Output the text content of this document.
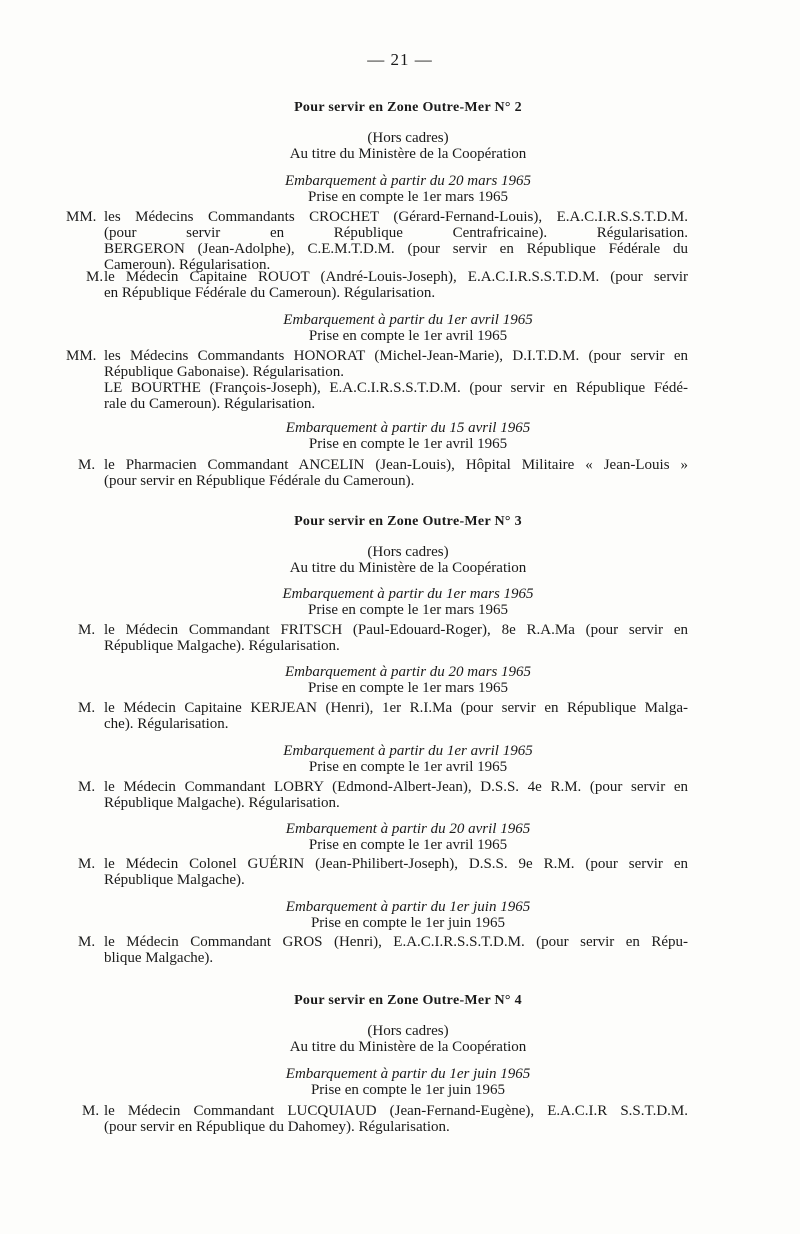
— 21 —
Pour servir en Zone Outre-Mer N° 2
(Hors cadres)
Au titre du Ministère de la Coopération
Embarquement à partir du 20 mars 1965
Prise en compte le 1er mars 1965
MM. les Médecins Commandants CROCHET (Gérard-Fernand-Louis), E.A.C.I.R.S.S.T.D.M.
(pour servir en République Centrafricaine). Régularisation.
BERGERON (Jean-Adolphe), C.E.M.T.D.M. (pour servir en République Fédérale du
Cameroun). Régularisation.
M. le Médecin Capitaine ROUOT (André-Louis-Joseph), E.A.C.I.R.S.S.T.D.M. (pour servir
en République Fédérale du Cameroun). Régularisation.
Embarquement à partir du 1er avril 1965
Prise en compte le 1er avril 1965
MM. les Médecins Commandants HONORAT (Michel-Jean-Marie), D.I.T.D.M. (pour servir en
République Gabonaise). Régularisation.
LE BOURTHE (François-Joseph), E.A.C.I.R.S.S.T.D.M. (pour servir en République Fédé-
rale du Cameroun). Régularisation.
Embarquement à partir du 15 avril 1965
Prise en compte le 1er avril 1965
M. le Pharmacien Commandant ANCELIN (Jean-Louis), Hôpital Militaire « Jean-Louis »
(pour servir en République Fédérale du Cameroun).
Pour servir en Zone Outre-Mer N° 3
(Hors cadres)
Au titre du Ministère de la Coopération
Embarquement à partir du 1er mars 1965
Prise en compte le 1er mars 1965
M. le Médecin Commandant FRITSCH (Paul-Edouard-Roger), 8e R.A.Ma (pour servir en
République Malgache). Régularisation.
Embarquement à partir du 20 mars 1965
Prise en compte le 1er mars 1965
M. le Médecin Capitaine KERJEAN (Henri), 1er R.I.Ma (pour servir en République Malga-
che). Régularisation.
Embarquement à partir du 1er avril 1965
Prise en compte le 1er avril 1965
M. le Médecin Commandant LOBRY (Edmond-Albert-Jean), D.S.S. 4e R.M. (pour servir en
République Malgache). Régularisation.
Embarquement à partir du 20 avril 1965
Prise en compte le 1er avril 1965
M. le Médecin Colonel GUÉRIN (Jean-Philibert-Joseph), D.S.S. 9e R.M. (pour servir en
République Malgache).
Embarquement à partir du 1er juin 1965
Prise en compte le 1er juin 1965
M. le Médecin Commandant GROS (Henri), E.A.C.I.R.S.S.T.D.M. (pour servir en Répu-
blique Malgache).
Pour servir en Zone Outre-Mer N° 4
(Hors cadres)
Au titre du Ministère de la Coopération
Embarquement à partir du 1er juin 1965
Prise en compte le 1er juin 1965
M. le Médecin Commandant LUCQUIAUD (Jean-Fernand-Eugène), E.A.C.I.R S.S.T.D.M.
(pour servir en République du Dahomey). Régularisation.
